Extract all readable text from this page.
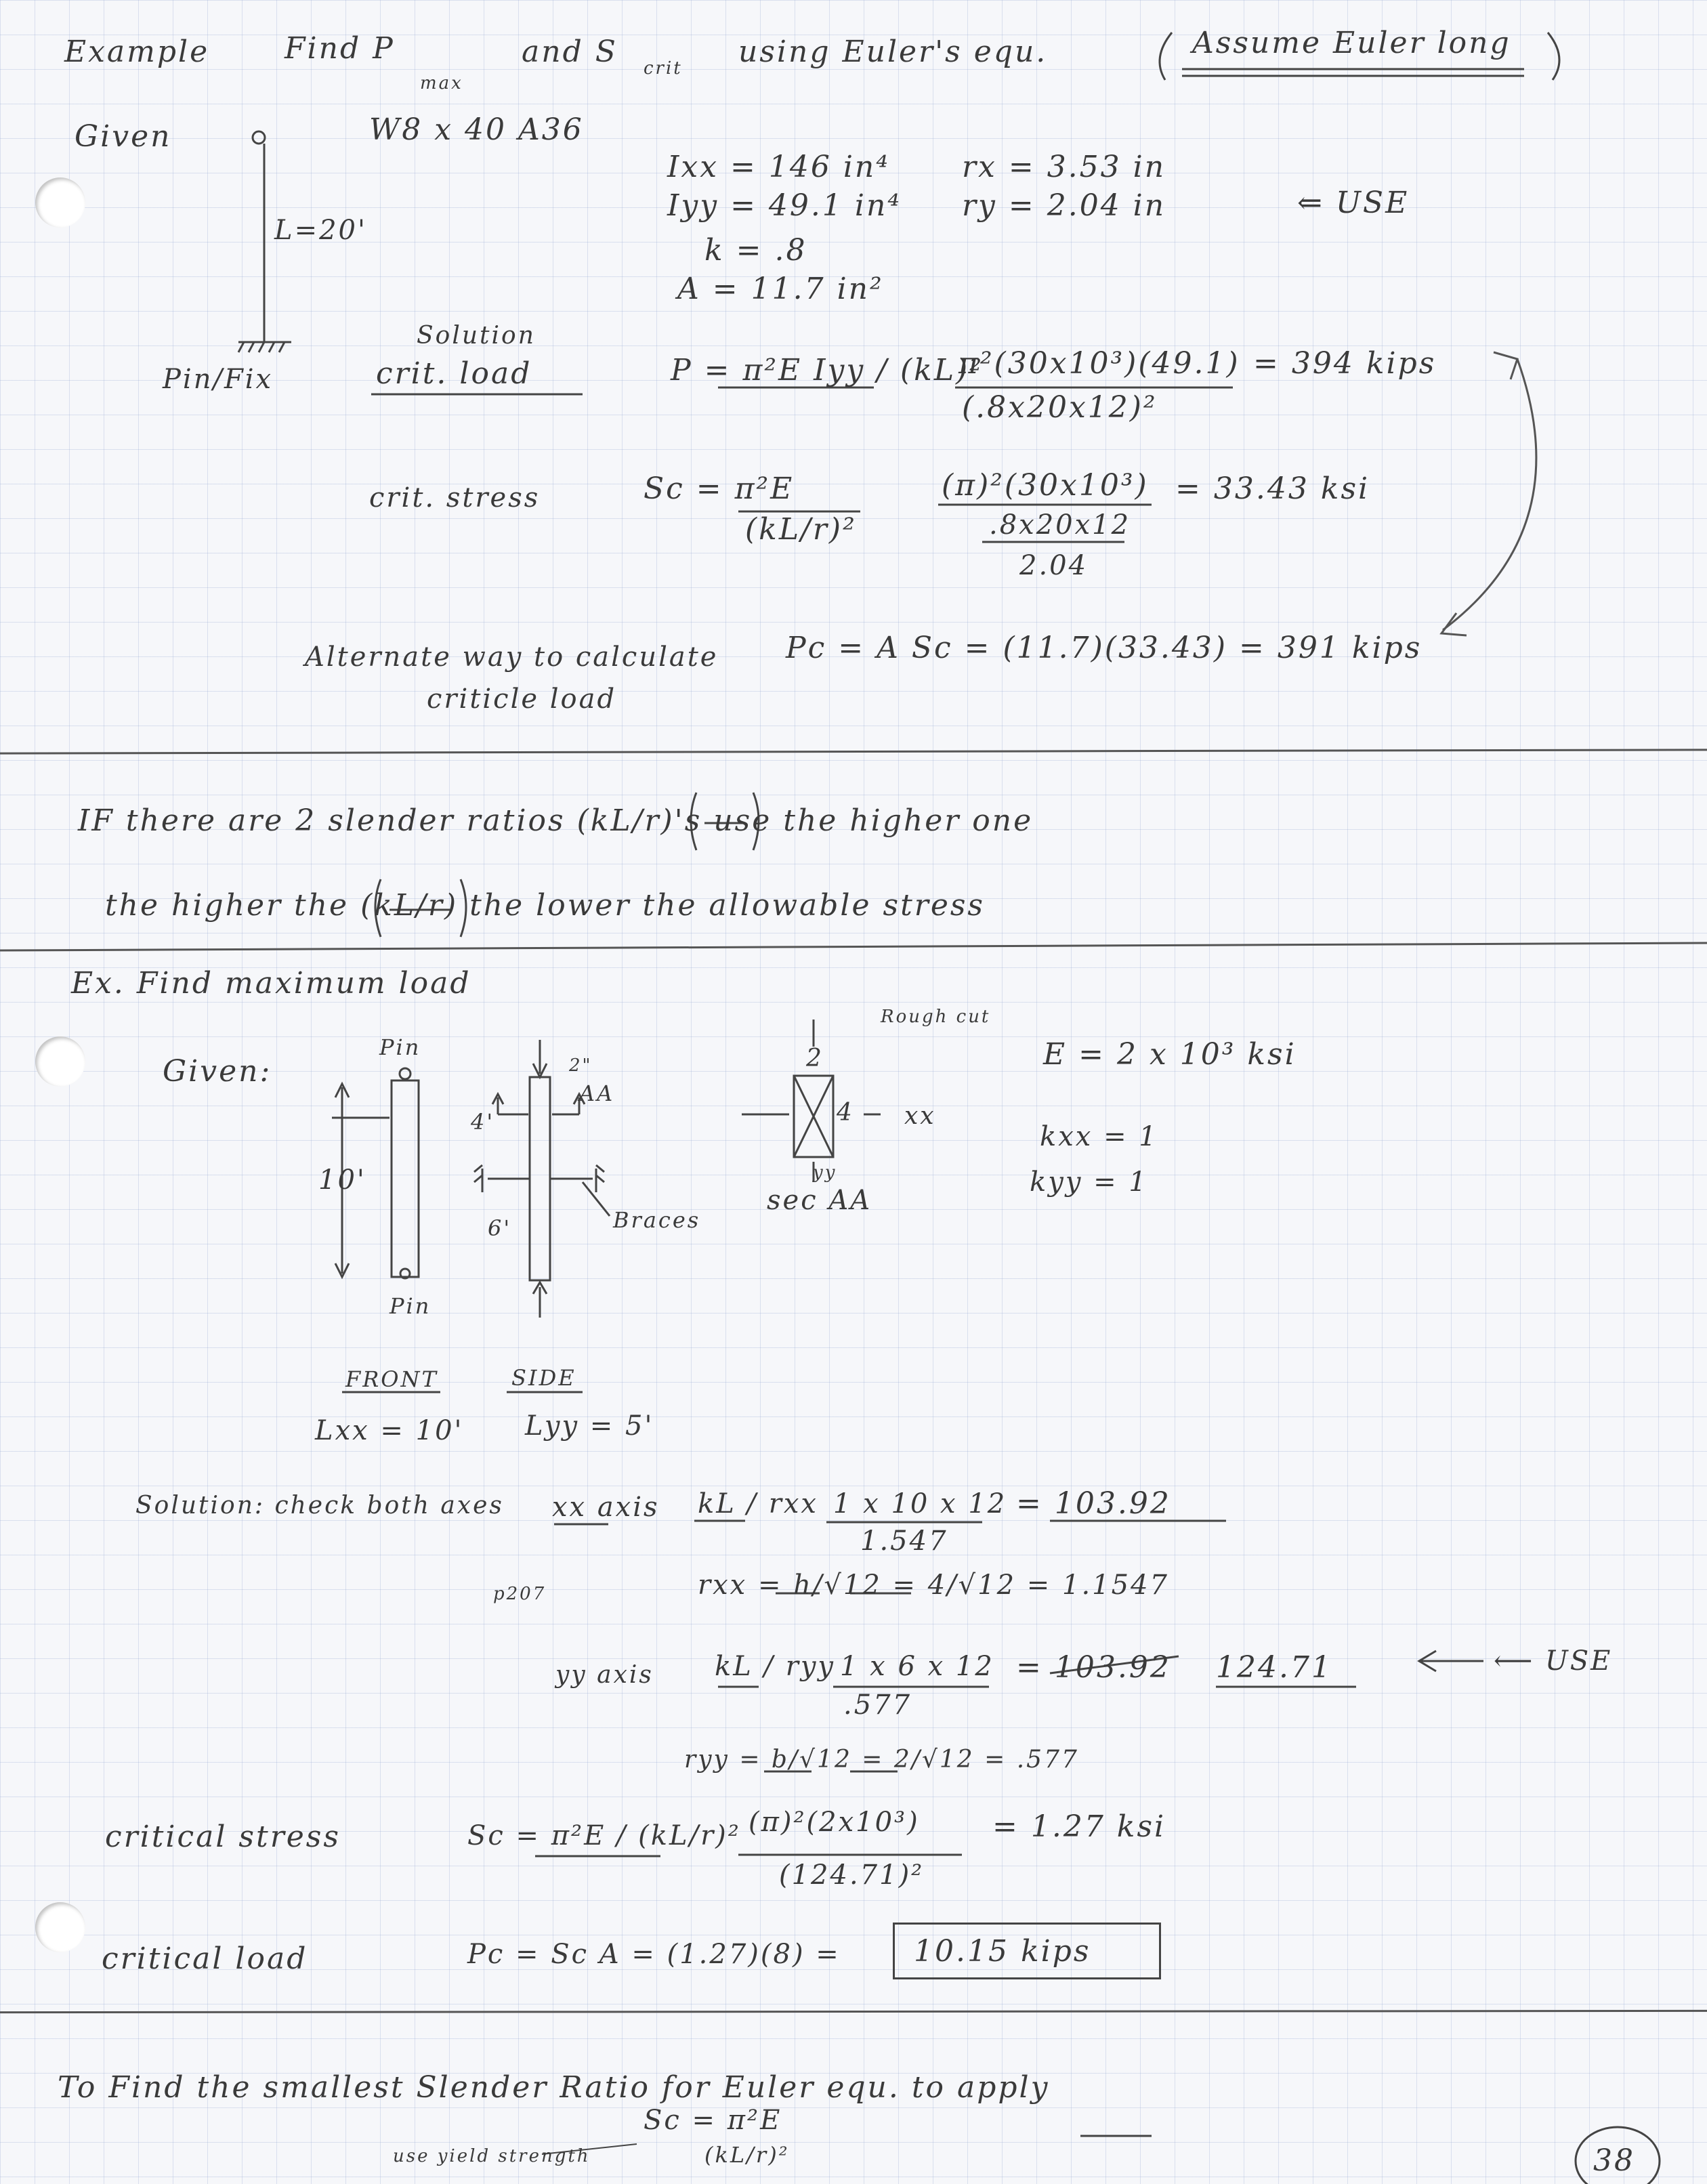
Example	Find P
max
and S crit using Euler's equ.	Assume Euler long
Given	W8 x 40 A36
L=20'
Pin/Fix
Ixx = 146 in⁴
Iyy = 49.1 in⁴
k = .8
A = 11.7 in²
rx = 3.53 in
ry = 2.04 in	⇐ USE
Solution
crit. load	P = π²E Iyy / (kL)²
π²(30x10³)(49.1)
(.8x20x12)²
= 394 kips
crit. stress	Sc = π²E
(kL/r)²
(π)²(30x10³)
.8x20x12
2.04
= 33.43 ksi
Alternate way to calculate
criticle load
Pc = A Sc = (11.7)(33.43) = 391 kips
IF there are 2 slender ratios (kL/r)'s use the higher one
the higher the (kL/r) the lower the allowable stress
Ex. Find maximum load
Given:
Pin
Pin
10'
4'
6'
2"
AA
Braces
Rough cut
2
4 xx
yy
sec AA
E = 2 x 10³ ksi
kxx = 1
kyy = 1
FRONT	SIDE
Lxx = 10' Lyy = 5'
Solution: check both axes xx axis kL / rxx 1 x 10 x 12
1.547
= 103.92
p207	rxx = h/√12 = 4/√12 = 1.1547
yy axis kL / ryy 1 x 6 x 12
.577
= 103.92 124.71	⟵ USE
ryy = b/√12 = 2/√12 = .577
critical stress	Sc = π²E / (kL/r)² (π)²(2x10³)
(124.71)²
= 1.27 ksi
critical load	Pc = Sc A = (1.27)(8) = 10.15 kips
To Find the smallest Slender Ratio for Euler equ. to apply
use yield strength
Sc = π²E
(kL/r)²	38
